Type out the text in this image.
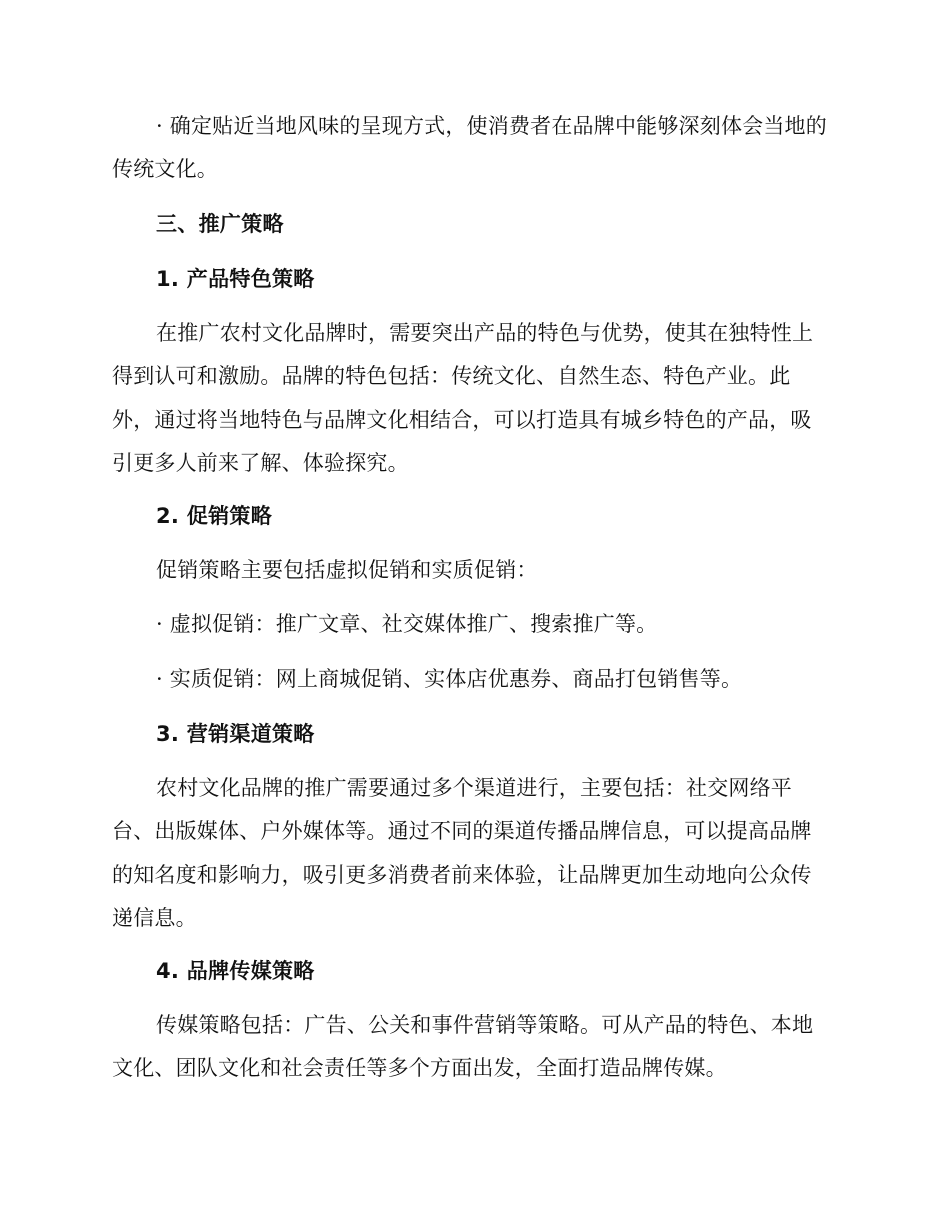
· 确定贴近当地风味的呈现方式，使消费者在品牌中能够深刻体会当地的传统文化。

三、推广策略
1. 产品特色策略

在推广农村文化品牌时，需要突出产品的特色与优势，使其在独特性上得到认可和激励。品牌的特色包括：传统文化、自然生态、特色产业。此外，通过将当地特色与品牌文化相结合，可以打造具有城乡特色的产品，吸引更多人前来了解、体验探究。

2. 促销策略

促销策略主要包括虚拟促销和实质促销：

· 虚拟促销：推广文章、社交媒体推广、搜索推广等。

· 实质促销：网上商城促销、实体店优惠券、商品打包销售等。

3. 营销渠道策略

农村文化品牌的推广需要通过多个渠道进行，主要包括：社交网络平台、出版媒体、户外媒体等。通过不同的渠道传播品牌信息，可以提高品牌的知名度和影响力，吸引更多消费者前来体验，让品牌更加生动地向公众传递信息。

4. 品牌传媒策略

传媒策略包括：广告、公关和事件营销等策略。可从产品的特色、本地文化、团队文化和社会责任等多个方面出发，全面打造品牌传媒。
